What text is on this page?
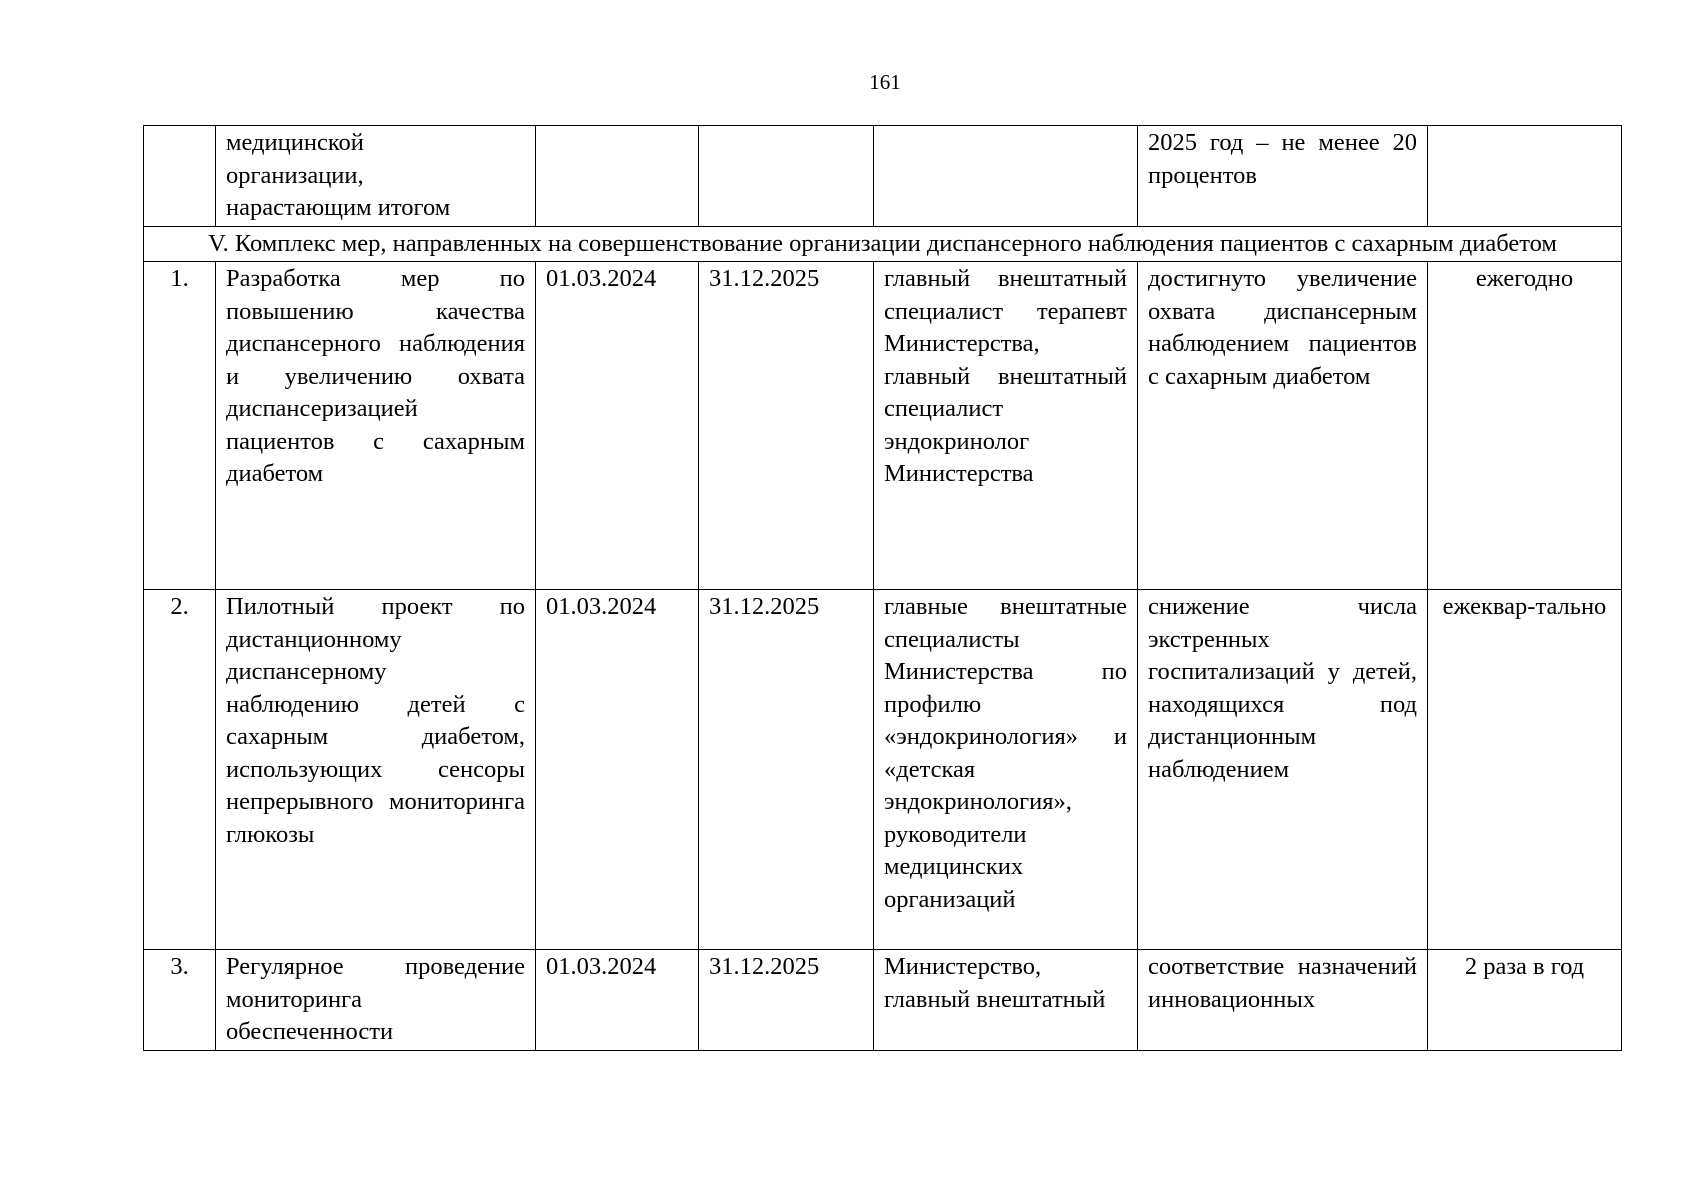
161

	медицинской
организации,
нарастающим итогом				2025 год – не менее 20 процентов	
V. Комплекс мер, направленных на совершенствование организации диспансерного наблюдения пациентов с сахарным диабетом						
1.	Разработка мер по повышению качества диспансерного наблюдения и увеличению охвата диспансеризацией пациентов с сахарным диабетом	01.03.2024	31.12.2025	главный внештатный специалист терапевт Министерства, главный внештатный специалист эндокринолог Министерства	достигнуто увеличение охвата диспансерным наблюдением пациентов с сахарным диабетом	ежегодно
2.	Пилотный проект по дистанционному диспансерному наблюдению детей с сахарным диабетом, использующих сенсоры непрерывного мониторинга глюкозы	01.03.2024	31.12.2025	главные внештатные специалисты Министерства по профилю «эндокринология» и «детская эндокринология», руководители медицинских организаций	снижение числа экстренных госпитализаций у детей, находящихся под дистанционным наблюдением	ежеквар-тально
3.	Регулярное проведение мониторинга обеспеченности	01.03.2024	31.12.2025	Министерство, главный внештатный	соответствие назначений инновационных	2 раза в год
